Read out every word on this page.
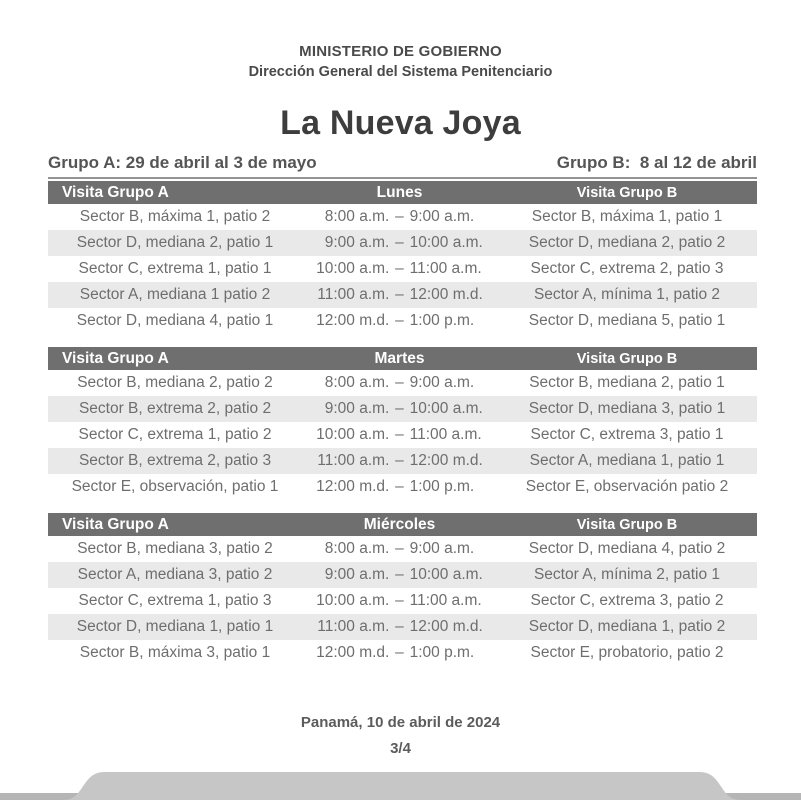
MINISTERIO DE GOBIERNO
Dirección General del Sistema Penitenciario
La Nueva Joya
Grupo A: 29 de abril al 3 de mayo	Grupo B:  8 al 12 de abril
Visita Grupo A	Lunes	Visita Grupo B
Sector B, máxima 1, patio 2	8:00 a.m. – 9:00 a.m.	Sector B, máxima 1, patio 1
Sector D, mediana 2, patio 1	9:00 a.m. – 10:00 a.m.	Sector D, mediana 2, patio 2
Sector C, extrema 1, patio 1	10:00 a.m. – 11:00 a.m.	Sector C, extrema 2, patio 3
Sector A, mediana 1 patio 2	11:00 a.m. – 12:00 m.d.	Sector A, mínima 1, patio 2
Sector D, mediana 4, patio 1	12:00 m.d. – 1:00 p.m.	Sector D, mediana 5, patio 1
Visita Grupo A	Martes	Visita Grupo B
Sector B, mediana 2, patio 2	8:00 a.m. – 9:00 a.m.	Sector B, mediana 2, patio 1
Sector B, extrema 2, patio 2	9:00 a.m. – 10:00 a.m.	Sector D, mediana 3, patio 1
Sector C, extrema 1, patio 2	10:00 a.m. – 11:00 a.m.	Sector C, extrema 3, patio 1
Sector B, extrema 2, patio 3	11:00 a.m. – 12:00 m.d.	Sector A, mediana 1, patio 1
Sector E, observación, patio 1	12:00 m.d. – 1:00 p.m.	Sector E, observación patio 2
Visita Grupo A	Miércoles	Visita Grupo B
Sector B, mediana 3, patio 2	8:00 a.m. – 9:00 a.m.	Sector D, mediana 4, patio 2
Sector A, mediana 3, patio 2	9:00 a.m. – 10:00 a.m.	Sector A, mínima 2, patio 1
Sector C, extrema 1, patio 3	10:00 a.m. – 11:00 a.m.	Sector C, extrema 3, patio 2
Sector D, mediana 1, patio 1	11:00 a.m. – 12:00 m.d.	Sector D, mediana 1, patio 2
Sector B, máxima 3, patio 1	12:00 m.d. – 1:00 p.m.	Sector E, probatorio, patio 2
Panamá, 10 de abril de 2024
3/4
